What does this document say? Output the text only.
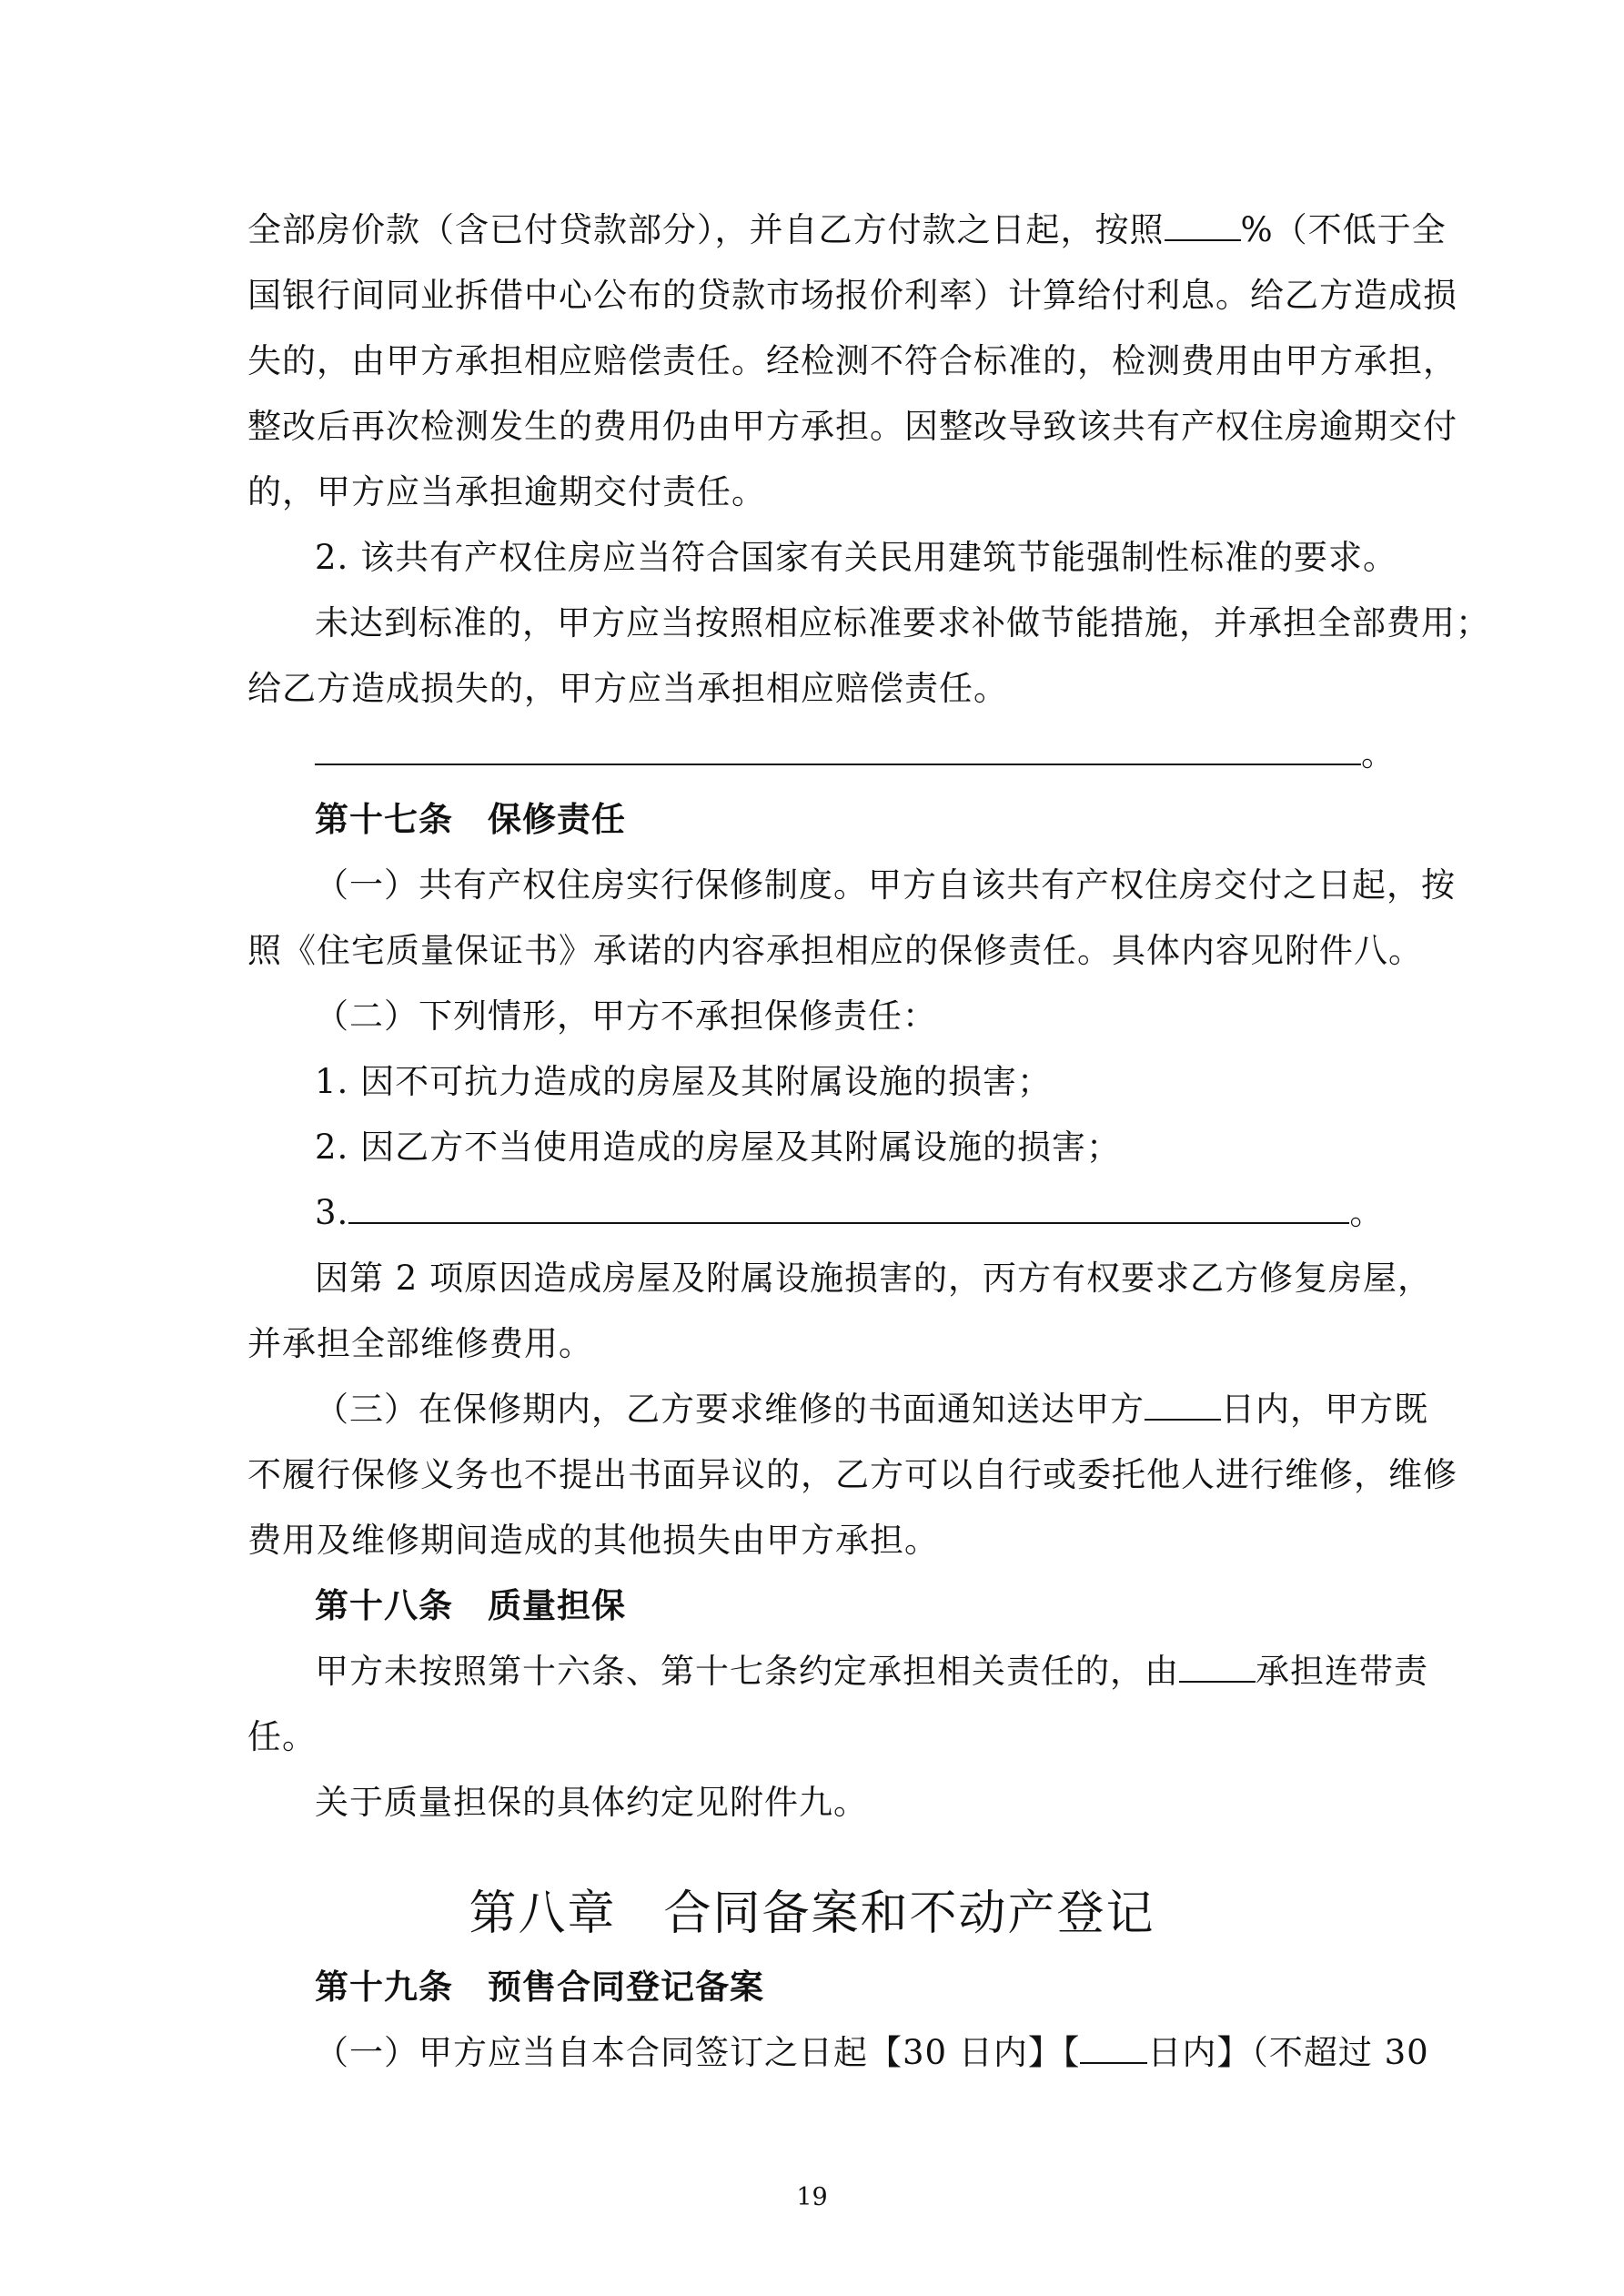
全部房价款（含已付贷款部分），并自乙方付款之日起，按照 %（不低于全
国银行间同业拆借中心公布的贷款市场报价利率）计算给付利息。给乙方造成损
失的，由甲方承担相应赔偿责任。经检测不符合标准的，检测费用由甲方承担，
整改后再次检测发生的费用仍由甲方承担。因整改导致该共有产权住房逾期交付
的，甲方应当承担逾期交付责任。
2. 该共有产权住房应当符合国家有关民用建筑节能强制性标准的要求。
未达到标准的，甲方应当按照相应标准要求补做节能措施，并承担全部费用；
给乙方造成损失的，甲方应当承担相应赔偿责任。
。
第十七条 保修责任
（一）共有产权住房实行保修制度。甲方自该共有产权住房交付之日起，按
照《住宅质量保证书》承诺的内容承担相应的保修责任。具体内容见附件八。
（二）下列情形，甲方不承担保修责任：
1. 因不可抗力造成的房屋及其附属设施的损害；
2. 因乙方不当使用造成的房屋及其附属设施的损害；
3.	。
因第 2 项原因造成房屋及附属设施损害的，丙方有权要求乙方修复房屋，
并承担全部维修费用。
（三）在保修期内，乙方要求维修的书面通知送达甲方 日内，甲方既
不履行保修义务也不提出书面异议的，乙方可以自行或委托他人进行维修，维修
费用及维修期间造成的其他损失由甲方承担。
第十八条 质量担保
甲方未按照第十六条、第十七条约定承担相关责任的，由 承担连带责
任。
关于质量担保的具体约定见附件九。
第八章 合同备案和不动产登记
第十九条 预售合同登记备案
（一）甲方应当自本合同签订之日起【30 日内】【 日内】（不超过 30
19
